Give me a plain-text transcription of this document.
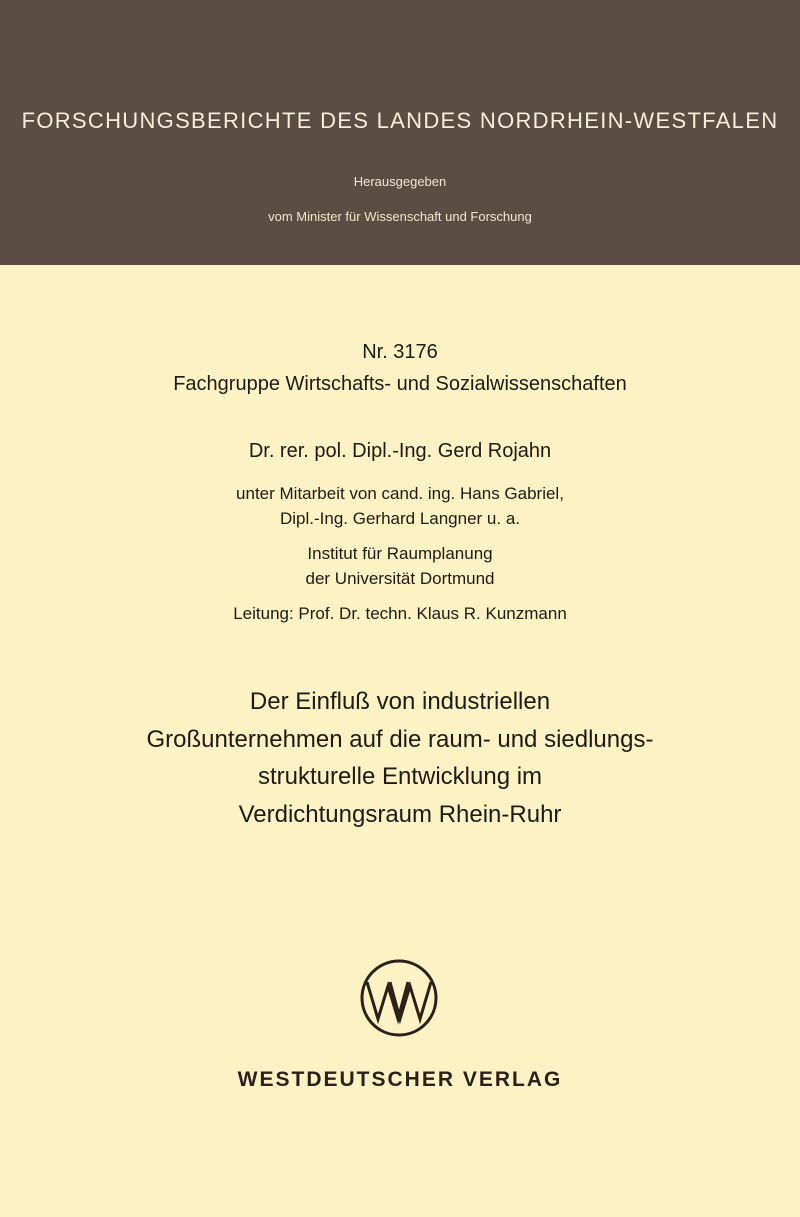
FORSCHUNGSBERICHTE DES LANDES NORDRHEIN-WESTFALEN
Herausgegeben
vom Minister für Wissenschaft und Forschung
Nr. 3176
Fachgruppe Wirtschafts- und Sozialwissenschaften
Dr. rer. pol. Dipl.-Ing. Gerd Rojahn
unter Mitarbeit von cand. ing. Hans Gabriel,
Dipl.-Ing. Gerhard Langner u. a.
Institut für Raumplanung
der Universität Dortmund
Leitung: Prof. Dr. techn. Klaus R. Kunzmann
Der Einfluß von industriellen
Großunternehmen auf die raum- und siedlungs-
strukturelle Entwicklung im
Verdichtungsraum Rhein-Ruhr
WESTDEUTSCHER VERLAG
